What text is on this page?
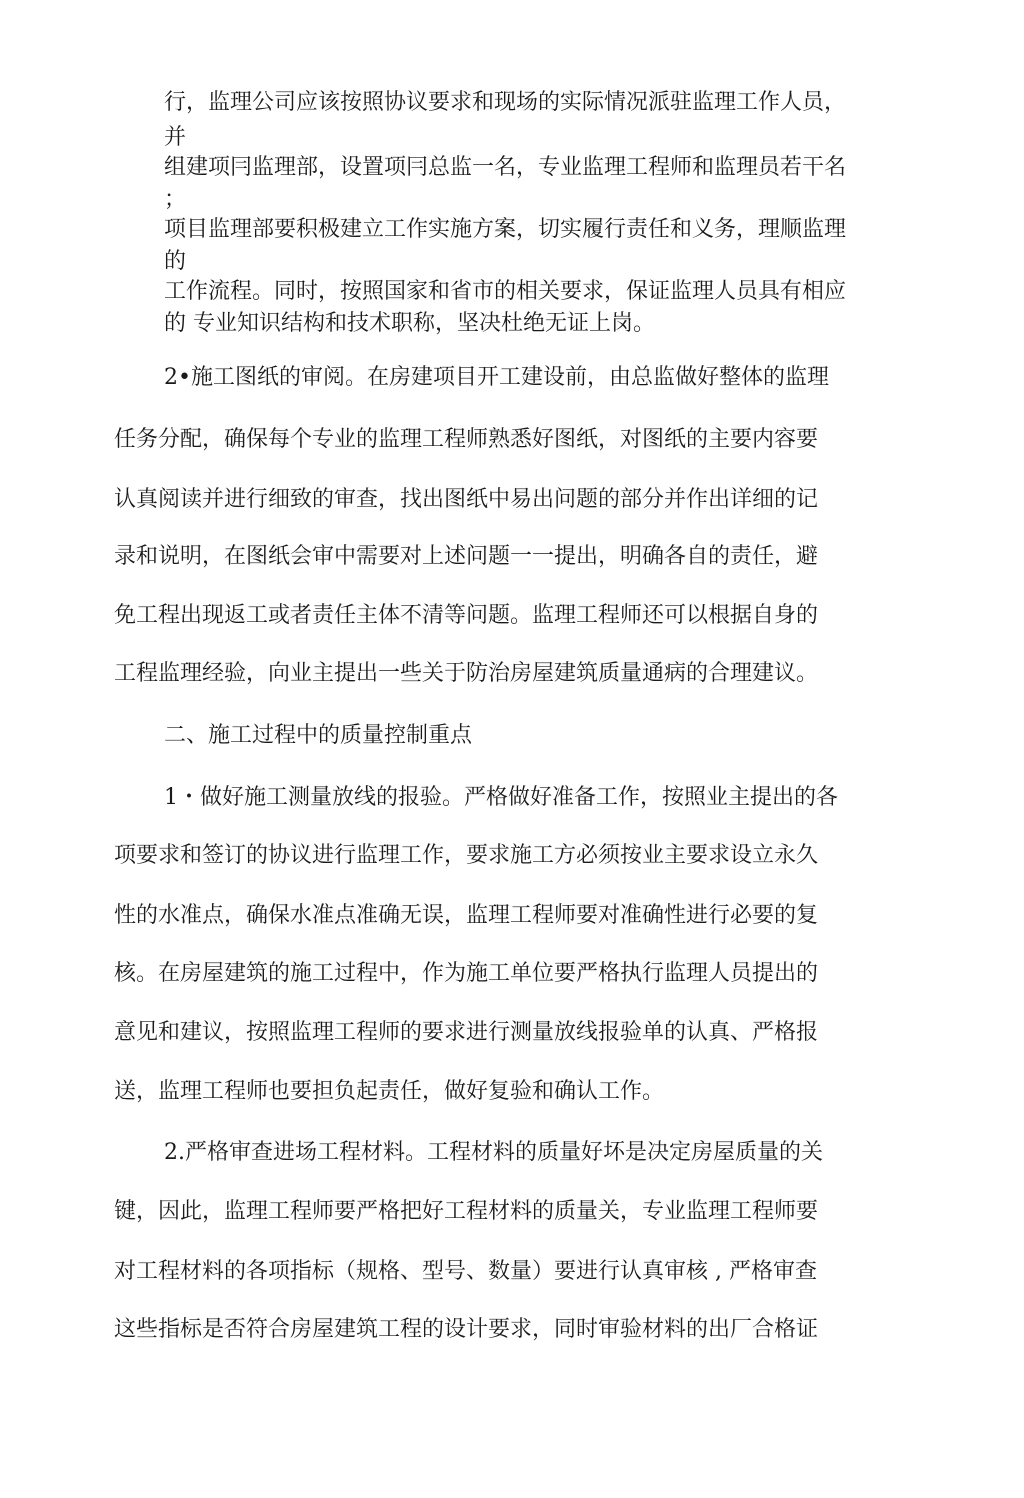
行，监理公司应该按照协议要求和现场的实际情况派驻监理工作人员，
并
组建项冃监理部，设置项冃总监一名，专业监理工程师和监理员若干名
；
项目监理部要积极建立工作实施方案，切实履行责任和义务，理顺监理
的
工作流程。同时，按照国家和省市的相关要求，保证监理人员具有相应
的 专业知识结构和技术职称，坚决杜绝无证上岗。
2•施工图纸的审阅。在房建项目开工建设前，由总监做好整体的监理
任务分配，确保每个专业的监理工程师熟悉好图纸，对图纸的主要内容要
认真阅读并进行细致的审查，找出图纸中易出问题的部分并作出详细的记
录和说明，在图纸会审中需要对上述问题一一提出，明确各自的责任，避
免工程出现返工或者责任主体不清等问题。监理工程师还可以根据自身的
工程监理经验，向业主提出一些关于防治房屋建筑质量通病的合理建议。
二、施工过程中的质量控制重点
1・做好施工测量放线的报验。严格做好准备工作，按照业主提出的各
项要求和签订的协议进行监理工作，要求施工方必须按业主要求设立永久
性的水准点，确保水准点准确无误，监理工程师要对准确性进行必要的复
核。在房屋建筑的施工过程中，作为施工单位要严格执行监理人员提出的
意见和建议，按照监理工程师的要求进行测量放线报验单的认真、严格报
送，监理工程师也要担负起责任，做好复验和确认工作。
2.严格审查进场工程材料。工程材料的质量好坏是决定房屋质量的关
键，因此，监理工程师要严格把好工程材料的质量关，专业监理工程师要
对工程材料的各项指标（规格、型号、数量）要进行认真审核 , 严格审查
这些指标是否符合房屋建筑工程的设计要求，同时审验材料的出厂合格证
